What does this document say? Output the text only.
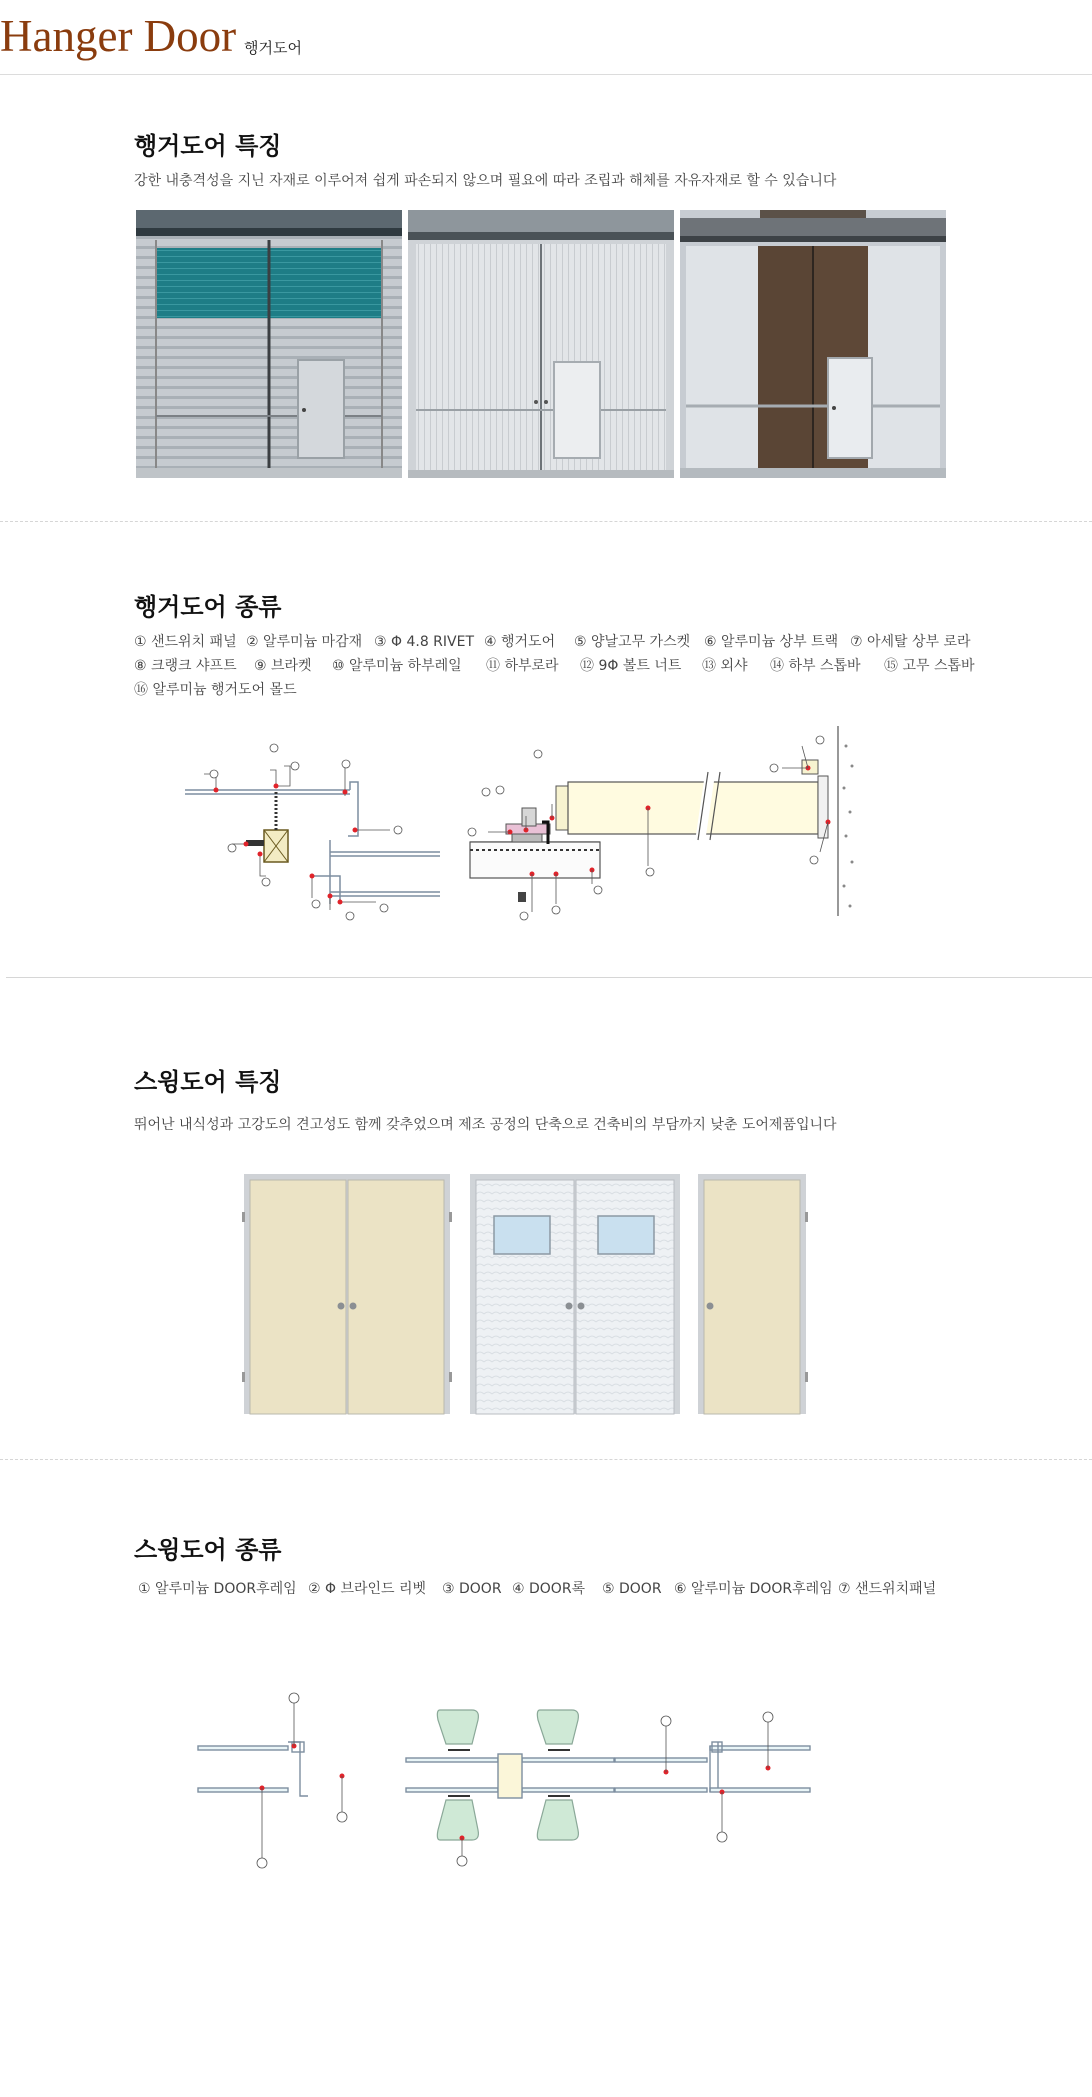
Hanger Door 행거도어
행거도어 특징
강한 내충격성을 지닌 자재로 이루어져 쉽게 파손되지 않으며 필요에 따라 조립과 해체를 자유자재로 할 수 있습니다
행거도어 종류
① 샌드위치 패널 ② 알루미늄 마감재 ③ Φ 4.8 RIVET ④ 행거도어 ⑤ 양날고무 가스켓 ⑥ 알루미늄 상부 트랙 ⑦ 아세탈 상부 로라
⑧ 크랭크 샤프트 ⑨ 브라켓 ⑩ 알루미늄 하부레일 ⑪ 하부로라 ⑫ 9Φ 볼트 너트 ⑬ 외샤 ⑭ 하부 스톱바 ⑮ 고무 스톱바
⑯ 알루미늄 행거도어 몰드
스윙도어 특징
뛰어난 내식성과 고강도의 견고성도 함께 갖추었으며 제조 공정의 단축으로 건축비의 부담까지 낮춘 도어제품입니다
스윙도어 종류
① 알루미늄 DOOR후레임 ② Φ 브라인드 리벳 ③ DOOR ④ DOOR록 ⑤ DOOR ⑥ 알루미늄 DOOR후레임 ⑦ 샌드위치패널
